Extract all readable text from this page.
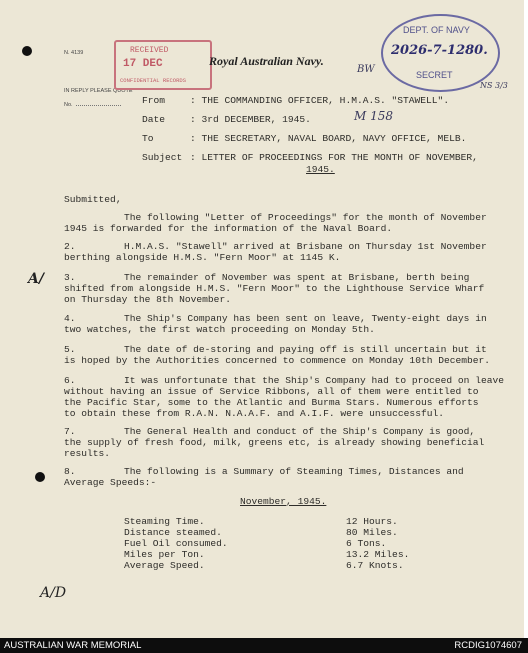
N. 4139
IN REPLY PLEASE QUOTE
No.
RECEIVED
17 DEC
CONFIDENTIAL RECORDS
Royal Australian Navy.
DEPT. OF NAVY
2026-7-1280.
SECRET
BW
M 158
NS 3/3
A/
A/D
From	: THE COMMANDING OFFICER, H.M.A.S. "STAWELL".
Date	: 3rd DECEMBER, 1945.
To	: THE SECRETARY, NAVAL BOARD, NAVY OFFICE, MELB.
Subject : LETTER OF PROCEEDINGS FOR THE MONTH OF NOVEMBER,
1945.
Submitted,
The following "Letter of Proceedings" for the month of November
1945 is forwarded for the information of the Naval Board.
2.	H.M.A.S. "Stawell" arrived at Brisbane on Thursday 1st November
berthing alongside H.M.S. "Fern Moor" at 1145 K.
3.	The remainder of November was spent at Brisbane, berth being
shifted from alongside H.M.S. "Fern Moor" to the Lighthouse Service Wharf
on Thursday the 8th November.
4.	The Ship's Company has been sent on leave, Twenty-eight days in
two watches, the first watch proceeding on Monday 5th.
5.	The date of de-storing and paying off is still uncertain but it
is hoped by the Authorities concerned to commence on Monday 10th December.
6.	It was unfortunate that the Ship's Company had to proceed on leave
without having an issue of Service Ribbons, all of them were entitled to
the Pacific Star, some to the Atlantic and Burma Stars. Numerous efforts
to obtain these from R.A.N. N.A.A.F. and A.I.F. were unsuccessful.
7.	The General Health and conduct of the Ship's Company is good,
the supply of fresh food, milk, greens etc, is already showing beneficial
results.
8.	The following is a Summary of Steaming Times, Distances and
Average Speeds:-
November, 1945.
Steaming Time.	12 Hours.
Distance steamed.	80 Miles.
Fuel Oil consumed.	6 Tons.
Miles per Ton.	13.2 Miles.
Average Speed.	6.7 Knots.
AUSTRALIAN WAR MEMORIAL	RCDIG1074607
